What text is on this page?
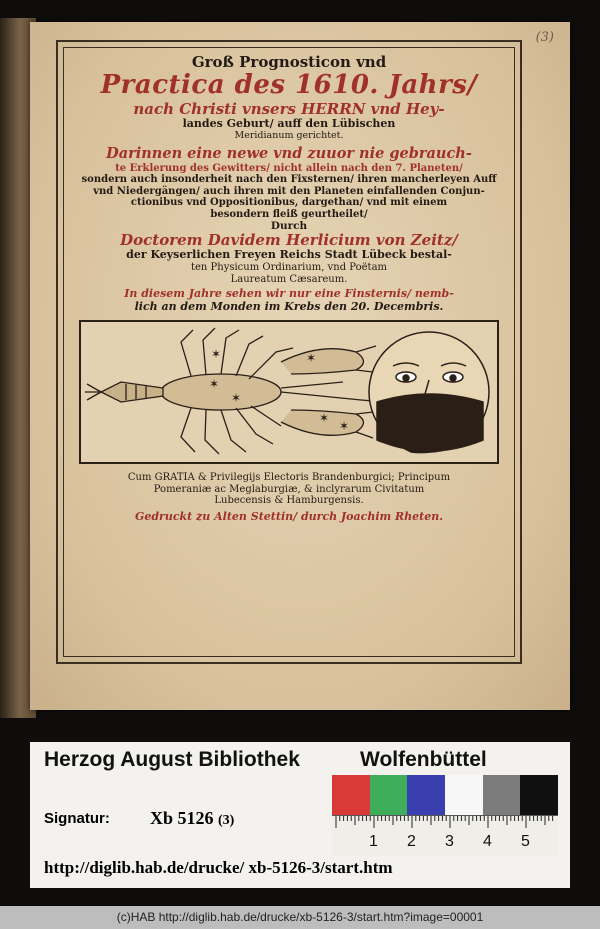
(3)

Groß Prognosticon vnd

Practica des 1610. Jahrs/

nach Christi vnsers HERRN vnd Hey-

landes Geburt/ auff den Lübischen

Meridianum gerichtet.

Darinnen eine newe vnd zuuor nie gebrauch-

te Erklerung des Gewitters/ nicht allein nach den 7. Planeten/

sondern auch insonderheit nach den Fixsternen/ ihren mancherleyen Auff

vnd Niedergängen/ auch ihren mit den Planeten einfallenden Conjun-

ctionibus vnd Oppositionibus, dargethan/ vnd mit einem

besondern fleiß geurtheilet/

Durch

Doctorem Davidem Herlicium von Zeitz/

der Keyserlichen Freyen Reichs Stadt Lübeck bestal-

ten Physicum Ordinarium, vnd Poëtam

Laureatum Cæsareum.

In diesem Jahre sehen wir nur eine Finsternis/ nemb-

lich an dem Monden im Krebs den 20. Decembris.

✶
✶
✶
✶
✶
✶

Cum GRATIA & Privilegijs Electoris Brandenburgici; Principum

Pomeraniæ ac Meglaburgiæ, & inclyrarum Civitatum

Lubecensis & Hamburgensis.

Gedruckt zu Alten Stettin/ durch Joachim Rheten.

Herzog August Bibliothek	Wolfenbüttel
Signatur: Xb 5126 (3)
1 2 3 4 5
http://diglib.hab.de/drucke/ xb-5126-3/start.htm
(c)HAB http://diglib.hab.de/drucke/xb-5126-3/start.htm?image=00001
